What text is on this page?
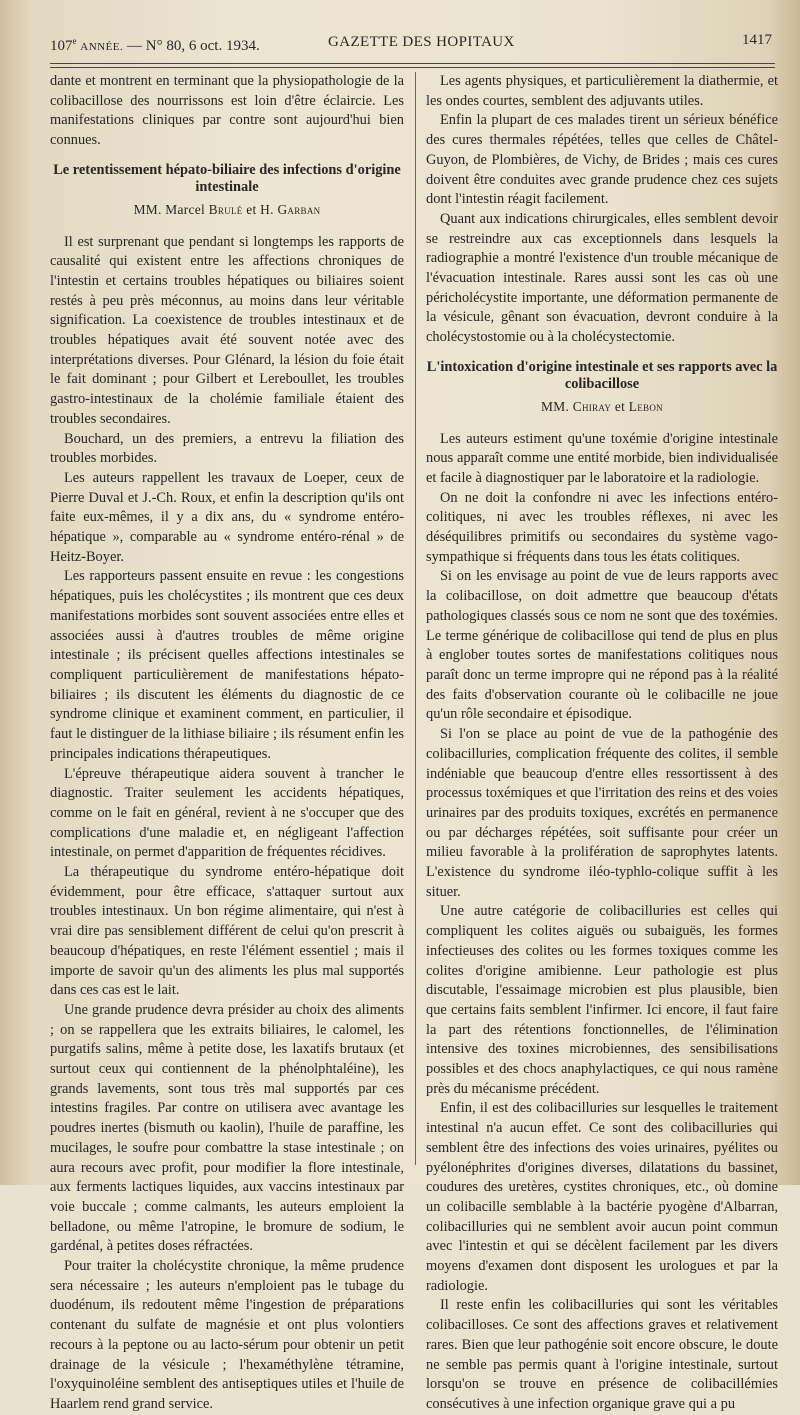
107e ANNÉE. — N° 80, 6 oct. 1934.	GAZETTE DES HOPITAUX	1417

dante et montrent en terminant que la physiopathologie de la colibacillose des nourrissons est loin d'être éclaircie. Les manifestations cliniques par contre sont aujourd'hui bien connues.

Le retentissement hépato-biliaire des infections d'origine intestinale
MM. Marcel Brulé et H. Garban

Il est surprenant que pendant si longtemps les rapports de causalité qui existent entre les affections chroniques de l'intestin et certains troubles hépatiques ou biliaires soient restés à peu près méconnus, au moins dans leur véritable signification. La coexistence de troubles intestinaux et de troubles hépatiques avait été souvent notée avec des interprétations diverses. Pour Glénard, la lésion du foie était le fait dominant ; pour Gilbert et Lereboullet, les troubles gastro-intestinaux de la cholémie familiale étaient des troubles secondaires.

Bouchard, un des premiers, a entrevu la filiation des troubles morbides.

Les auteurs rappellent les travaux de Loeper, ceux de Pierre Duval et J.-Ch. Roux, et enfin la description qu'ils ont faite eux-mêmes, il y a dix ans, du « syndrome entéro-hépatique », comparable au « syndrome entéro-rénal » de Heitz-Boyer.

Les rapporteurs passent ensuite en revue : les congestions hépatiques, puis les cholécystites ; ils montrent que ces deux manifestations morbides sont souvent associées entre elles et associées aussi à d'autres troubles de même origine intestinale ; ils précisent quelles affections intestinales se compliquent particulièrement de manifestations hépato-biliaires ; ils discutent les éléments du diagnostic de ce syndrome clinique et examinent comment, en particulier, il faut le distinguer de la lithiase biliaire ; ils résument enfin les principales indications thérapeutiques.

L'épreuve thérapeutique aidera souvent à trancher le diagnostic. Traiter seulement les accidents hépatiques, comme on le fait en général, revient à ne s'occuper que des complications d'une maladie et, en négligeant l'affection intestinale, on permet d'apparition de fréquentes récidives.

La thérapeutique du syndrome entéro-hépatique doit évidemment, pour être efficace, s'attaquer surtout aux troubles intestinaux. Un bon régime alimentaire, qui n'est à vrai dire pas sensiblement différent de celui qu'on prescrit à beaucoup d'hépatiques, en reste l'élément essentiel ; mais il importe de savoir qu'un des aliments les plus mal supportés dans ces cas est le lait.

Une grande prudence devra présider au choix des aliments ; on se rappellera que les extraits biliaires, le calomel, les purgatifs salins, même à petite dose, les laxatifs brutaux (et surtout ceux qui contiennent de la phénolphtaléine), les grands lavements, sont tous très mal supportés par ces intestins fragiles. Par contre on utilisera avec avantage les poudres inertes (bismuth ou kaolin), l'huile de paraffine, les mucilages, le soufre pour combattre la stase intestinale ; on aura recours avec profit, pour modifier la flore intestinale, aux ferments lactiques liquides, aux vaccins intestinaux par voie buccale ; comme calmants, les auteurs emploient la belladone, ou même l'atropine, le bromure de sodium, le gardénal, à petites doses réfractées.

Pour traiter la cholécystite chronique, la même prudence sera nécessaire ; les auteurs n'emploient pas le tubage du duodénum, ils redoutent même l'ingestion de préparations contenant du sulfate de magnésie et ont plus volontiers recours à la peptone ou au lacto-sérum pour obtenir un petit drainage de la vésicule ; l'hexaméthylène tétramine, l'oxyquinoléine semblent des antiseptiques utiles et l'huile de Haarlem rend grand service.

Les agents physiques, et particulièrement la diathermie, et les ondes courtes, semblent des adjuvants utiles.

Enfin la plupart de ces malades tirent un sérieux bénéfice des cures thermales répétées, telles que celles de Châtel-Guyon, de Plombières, de Vichy, de Brides ; mais ces cures doivent être conduites avec grande prudence chez ces sujets dont l'intestin réagit facilement.

Quant aux indications chirurgicales, elles semblent devoir se restreindre aux cas exceptionnels dans lesquels la radiographie a montré l'existence d'un trouble mécanique de l'évacuation intestinale. Rares aussi sont les cas où une péricholécystite importante, une déformation permanente de la vésicule, gênant son évacuation, devront conduire à la cholécystostomie ou à la cholécystectomie.

L'intoxication d'origine intestinale et ses rapports avec la colibacillose
MM. Chiray et Lebon

Les auteurs estiment qu'une toxémie d'origine intestinale nous apparaît comme une entité morbide, bien individualisée et facile à diagnostiquer par le laboratoire et la radiologie.

On ne doit la confondre ni avec les infections entéro-colitiques, ni avec les troubles réflexes, ni avec les déséquilibres primitifs ou secondaires du système vago-sympathique si fréquents dans tous les états colitiques.

Si on les envisage au point de vue de leurs rapports avec la colibacillose, on doit admettre que beaucoup d'états pathologiques classés sous ce nom ne sont que des toxémies. Le terme générique de colibacillose qui tend de plus en plus à englober toutes sortes de manifestations colitiques nous paraît donc un terme impropre qui ne répond pas à la réalité des faits d'observation courante où le colibacille ne joue qu'un rôle secondaire et épisodique.

Si l'on se place au point de vue de la pathogénie des colibacilluries, complication fréquente des colites, il semble indéniable que beaucoup d'entre elles ressortissent à des processus toxémiques et que l'irritation des reins et des voies urinaires par des produits toxiques, excrétés en permanence ou par décharges répétées, soit suffisante pour créer un milieu favorable à la prolifération de saprophytes latents. L'existence du syndrome iléo-typhlo-colique suffit à les situer.

Une autre catégorie de colibacilluries est celles qui compliquent les colites aiguës ou subaiguës, les formes infectieuses des colites ou les formes toxiques comme les colites d'origine amibienne. Leur pathologie est plus discutable, l'essaimage microbien est plus plausible, bien que certains faits semblent l'infirmer. Ici encore, il faut faire la part des rétentions fonctionnelles, de l'élimination intensive des toxines microbiennes, des sensibilisations possibles et des chocs anaphylactiques, ce qui nous ramène près du mécanisme précédent.

Enfin, il est des colibacilluries sur lesquelles le traitement intestinal n'a aucun effet. Ce sont des colibacilluries qui semblent être des infections des voies urinaires, pyélites ou pyélonéphrites d'origines diverses, dilatations du bassinet, coudures des uretères, cystites chroniques, etc., où domine un colibacille semblable à la bactérie pyogène d'Albarran, colibacilluries qui ne semblent avoir aucun point commun avec l'intestin et qui se décèlent facilement par les divers moyens d'examen dont disposent les urologues et par la radiologie.

Il reste enfin les colibacilluries qui sont les véritables colibacilloses. Ce sont des affections graves et relativement rares. Bien que leur pathogénie soit encore obscure, le doute ne semble pas permis quant à l'origine intestinale, surtout lorsqu'on se trouve en présence de colibacillémies consécutives à une infection organique grave qui a pu
